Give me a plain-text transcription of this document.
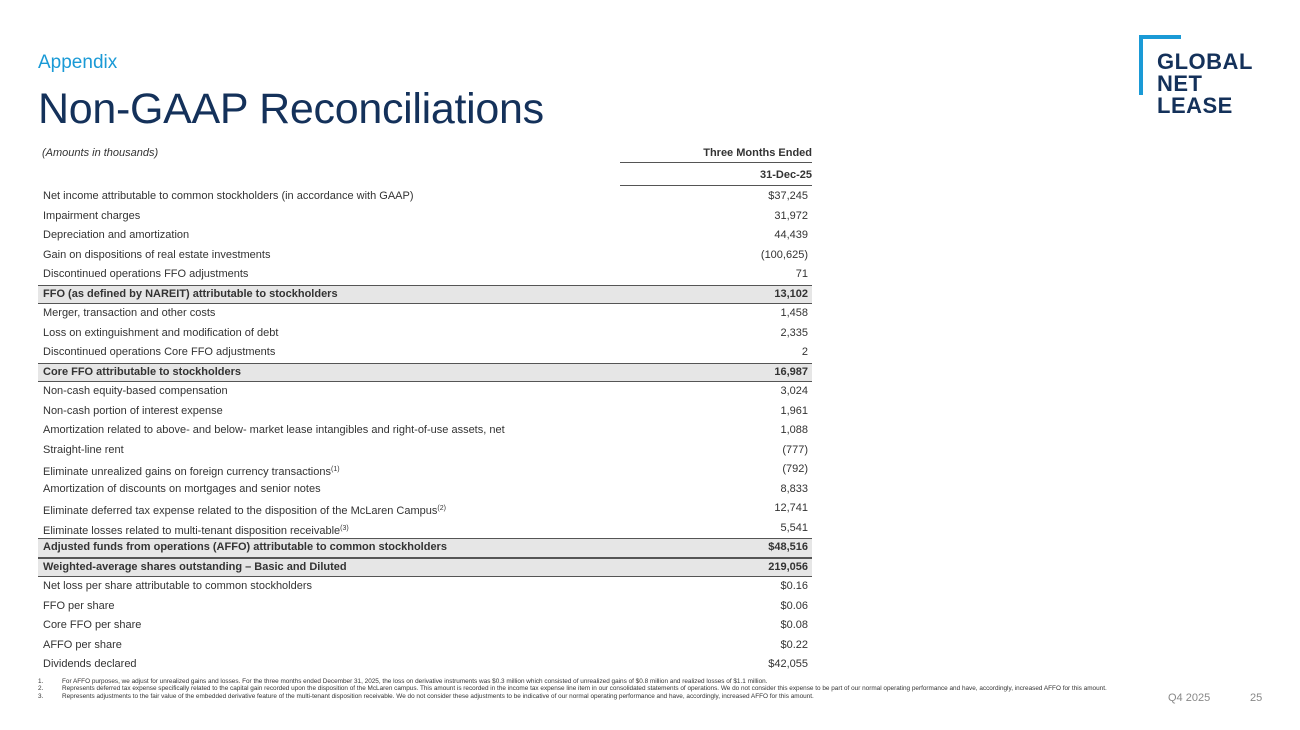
Appendix
Non-GAAP Reconciliations
GLOBAL
NET
LEASE
(Amounts in thousands)	Three Months Ended
31-Dec-25
Net income attributable to common stockholders (in accordance with GAAP)	$37,245
Impairment charges	31,972
Depreciation and amortization	44,439
Gain on dispositions of real estate investments	(100,625)
Discontinued operations FFO adjustments	71
FFO (as defined by NAREIT) attributable to stockholders	13,102
Merger, transaction and other costs	1,458
Loss on extinguishment and modification of debt	2,335
Discontinued operations Core FFO adjustments	2
Core FFO attributable to stockholders	16,987
Non-cash equity-based compensation	3,024
Non-cash portion of interest expense	1,961
Amortization related to above- and below- market lease intangibles and right-of-use assets, net	1,088
Straight-line rent	(777)
Eliminate unrealized gains on foreign currency transactions$^{(1)}$	(792)
Amortization of discounts on mortgages and senior notes	8,833
Eliminate deferred tax expense related to the disposition of the McLaren Campus$^{(2)}$	12,741
Eliminate losses related to multi-tenant disposition receivable$^{(3)}$	5,541
Adjusted funds from operations (AFFO) attributable to common stockholders	$48,516
Weighted-average shares outstanding – Basic and Diluted	219,056
Net loss per share attributable to common stockholders	$0.16
FFO per share	$0.06
Core FFO per share	$0.08
AFFO per share	$0.22
Dividends declared	$42,055
1.	For AFFO purposes, we adjust for unrealized gains and losses. For the three months ended December 31, 2025, the loss on derivative instruments was $0.3 million which consisted of unrealized gains of $0.8 million and realized losses of $1.1 million.
2.	Represents deferred tax expense specifically related to the capital gain recorded upon the disposition of the McLaren campus. This amount is recorded in the income tax expense line item in our consolidated statements of operations. We do not consider this expense to be part of our normal operating performance and have, accordingly, increased AFFO for this amount.
3.	Represents adjustments to the fair value of the embedded derivative feature of the multi-tenant disposition receivable. We do not consider these adjustments to be indicative of our normal operating performance and have, accordingly, increased AFFO for this amount.	Q4 2025	25
